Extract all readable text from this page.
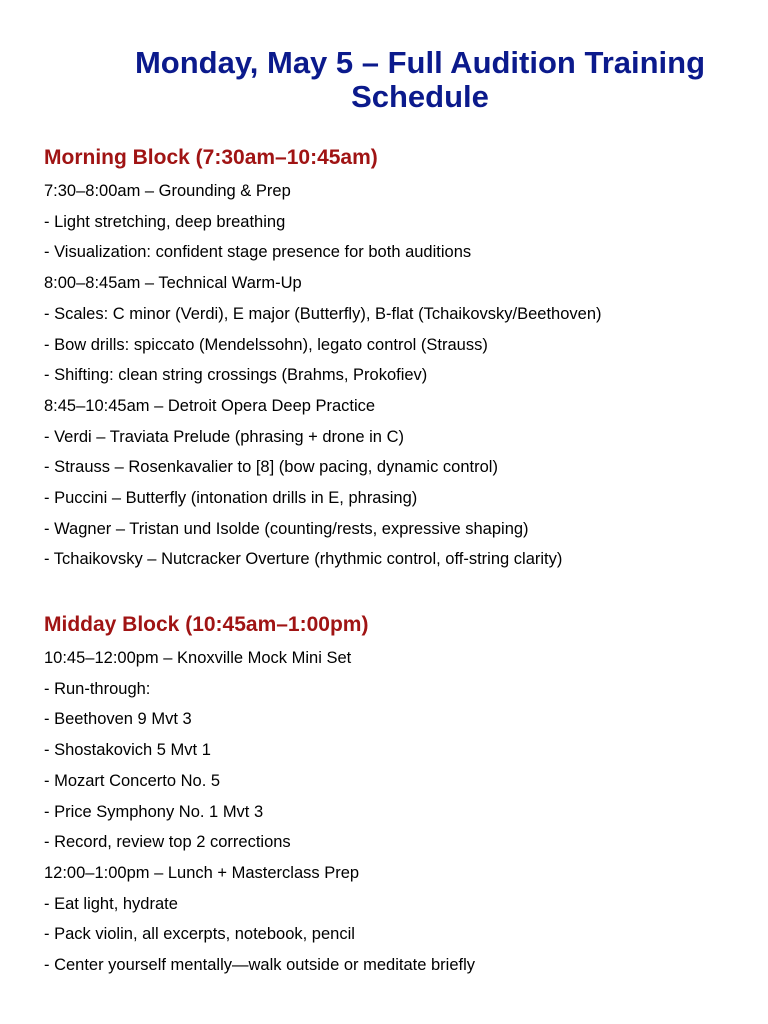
Monday, May 5 – Full Audition Training Schedule
Morning Block (7:30am–10:45am)
7:30–8:00am – Grounding & Prep
- Light stretching, deep breathing
- Visualization: confident stage presence for both auditions
8:00–8:45am – Technical Warm-Up
- Scales: C minor (Verdi), E major (Butterfly), B-flat (Tchaikovsky/Beethoven)
- Bow drills: spiccato (Mendelssohn), legato control (Strauss)
- Shifting: clean string crossings (Brahms, Prokofiev)
8:45–10:45am – Detroit Opera Deep Practice
- Verdi – Traviata Prelude (phrasing + drone in C)
- Strauss – Rosenkavalier to [8] (bow pacing, dynamic control)
- Puccini – Butterfly (intonation drills in E, phrasing)
- Wagner – Tristan und Isolde (counting/rests, expressive shaping)
- Tchaikovsky – Nutcracker Overture (rhythmic control, off-string clarity)
Midday Block (10:45am–1:00pm)
10:45–12:00pm – Knoxville Mock Mini Set
- Run-through:
- Beethoven 9 Mvt 3
- Shostakovich 5 Mvt 1
- Mozart Concerto No. 5
- Price Symphony No. 1 Mvt 3
- Record, review top 2 corrections
12:00–1:00pm – Lunch + Masterclass Prep
- Eat light, hydrate
- Pack violin, all excerpts, notebook, pencil
- Center yourself mentally—walk outside or meditate briefly
